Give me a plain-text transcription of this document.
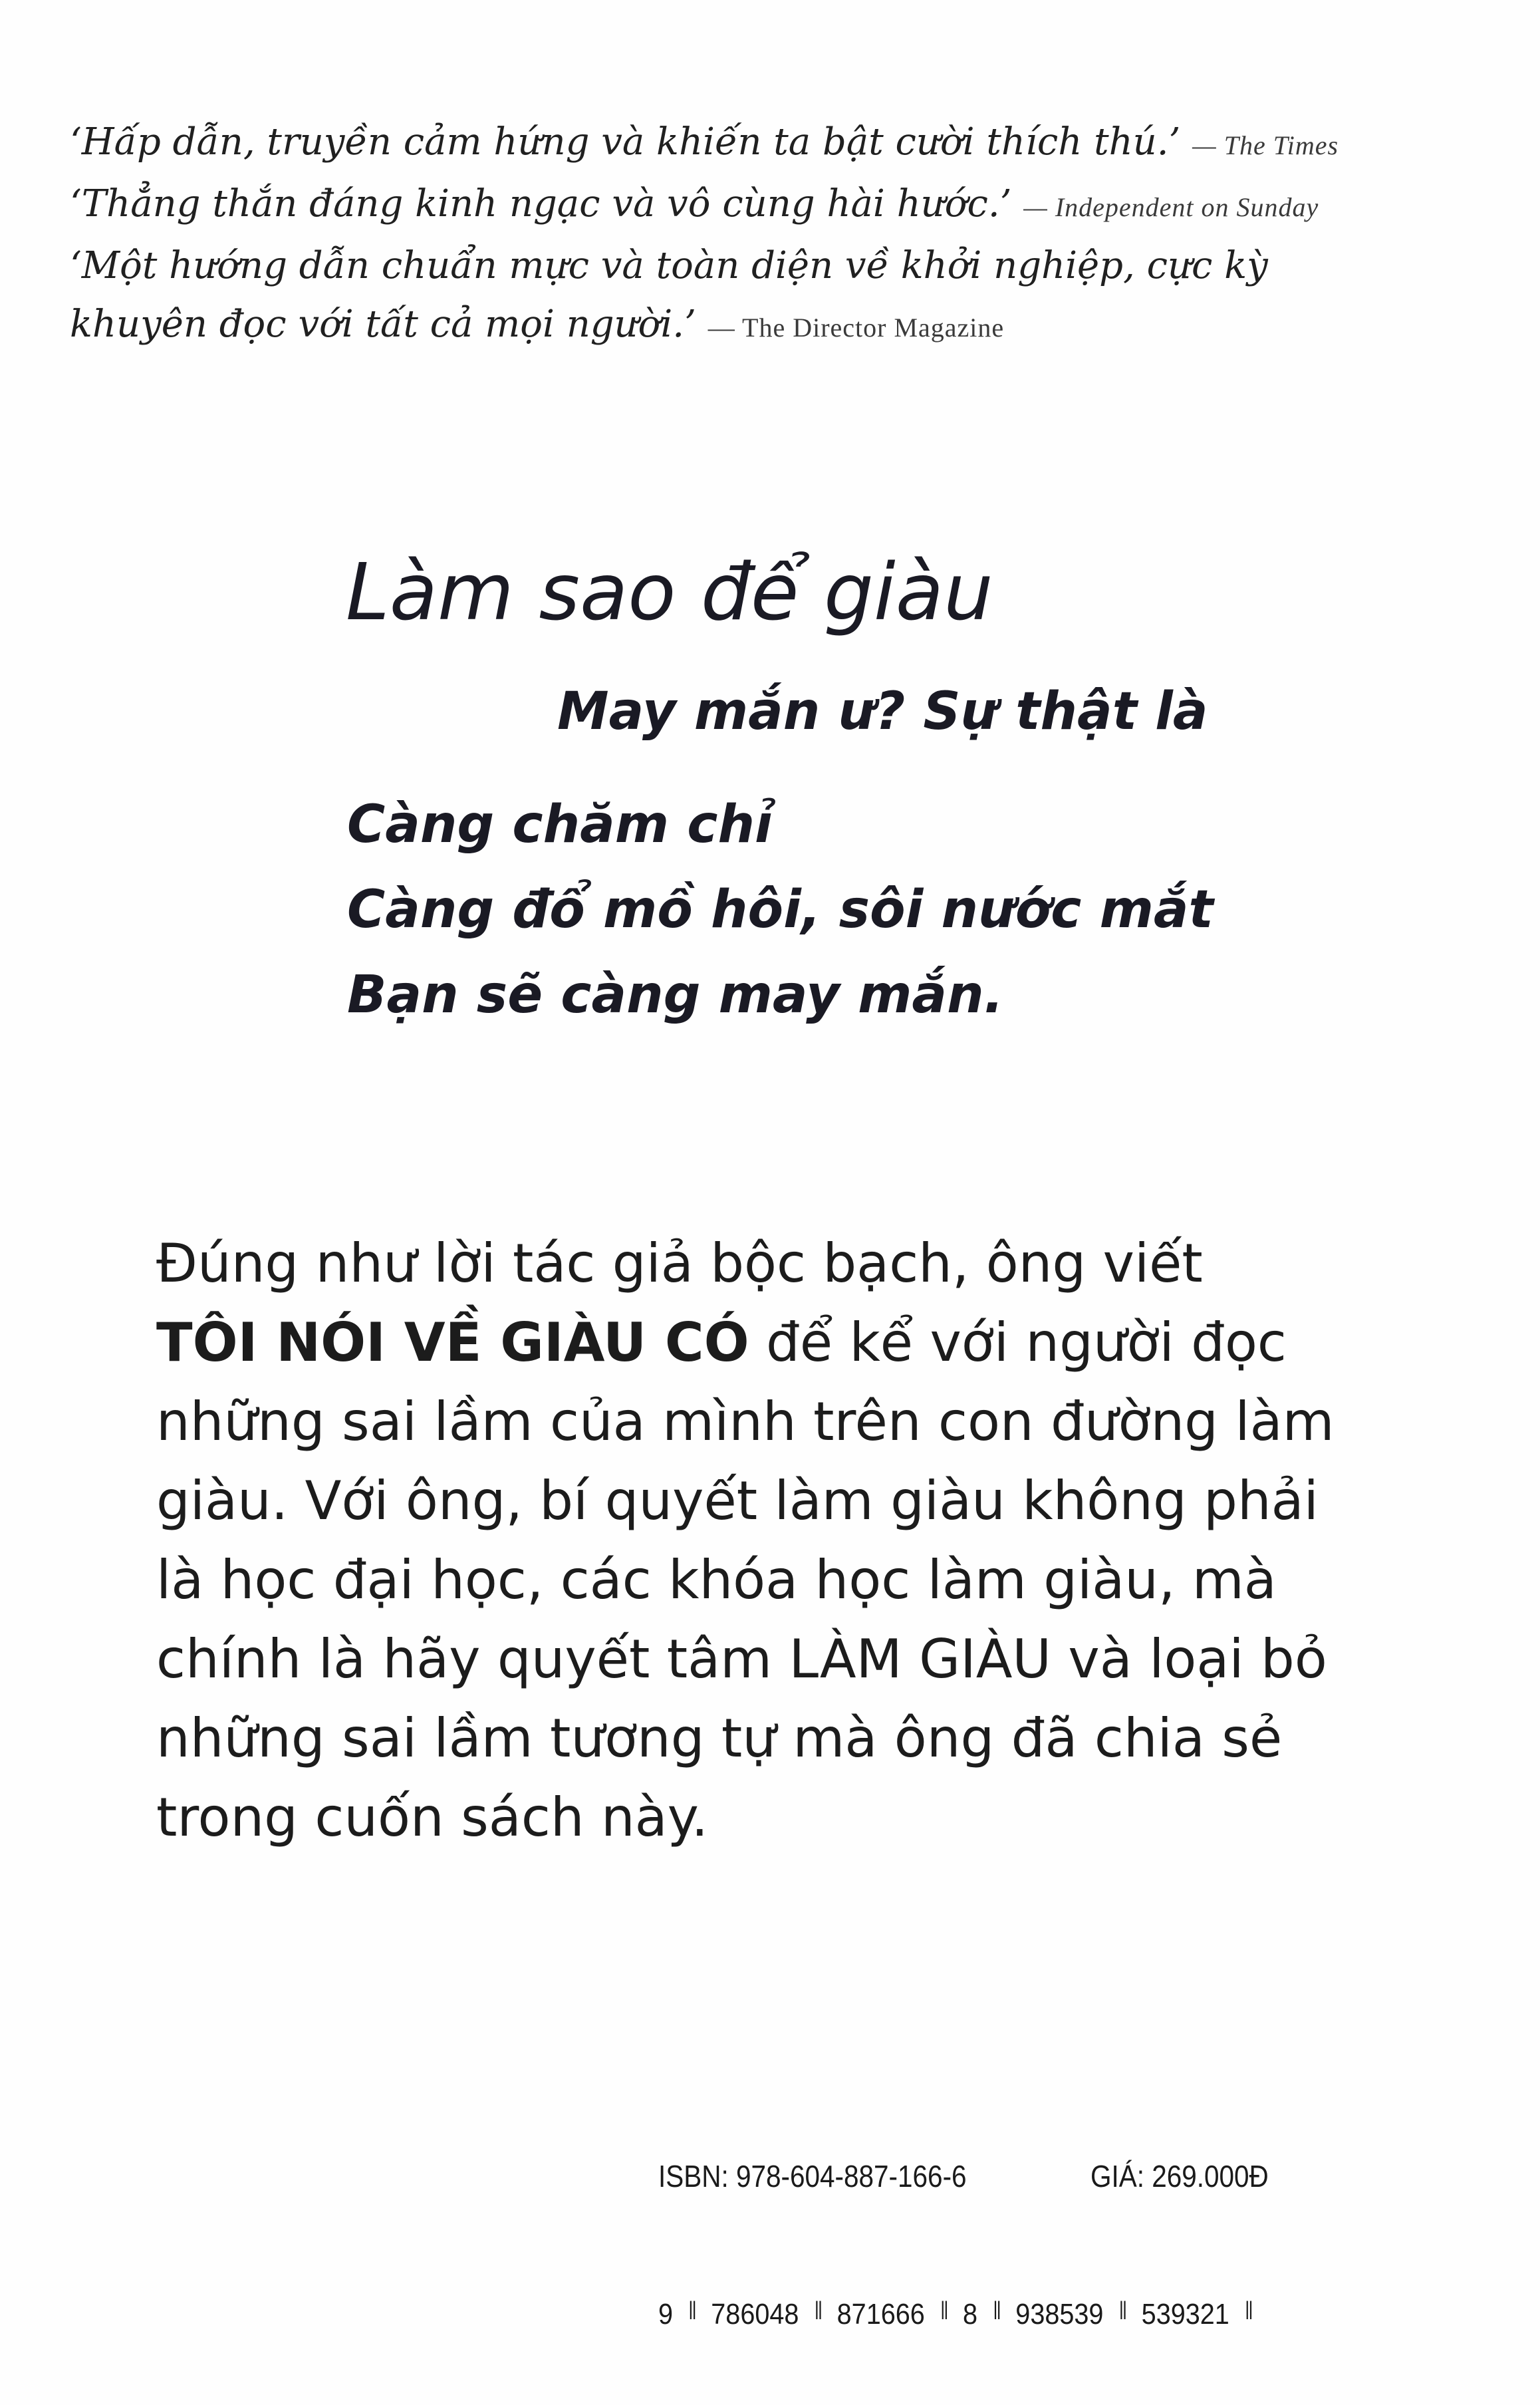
‘Hấp dẫn, truyền cảm hứng và khiến ta bật cười thích thú.’ — The Times
‘Thẳng thắn đáng kinh ngạc và vô cùng hài hước.’ — Independent on Sunday
‘Một hướng dẫn chuẩn mực và toàn diện về khởi nghiệp, cực kỳ
khuyên đọc với tất cả mọi người.’ — The Director Magazine
Làm sao để giàu
May mắn ư? Sự thật là
Càng chăm chỉ
Càng đổ mồ hôi, sôi nước mắt
Bạn sẽ càng may mắn.
Đúng như lời tác giả bộc bạch, ông viết
TÔI NÓI VỀ GIÀU CÓ để kể với người đọc
những sai lầm của mình trên con đường làm
giàu. Với ông, bí quyết làm giàu không phải
là học đại học, các khóa học làm giàu, mà
chính là hãy quyết tâm LÀM GIÀU và loại bỏ
những sai lầm tương tự mà ông đã chia sẻ
trong cuốn sách này.
ISBN: 978-604-887-166-6	GIÁ: 269.000Đ
9 || 786048 || 871666 || 8 || 938539 || 539321 ||
